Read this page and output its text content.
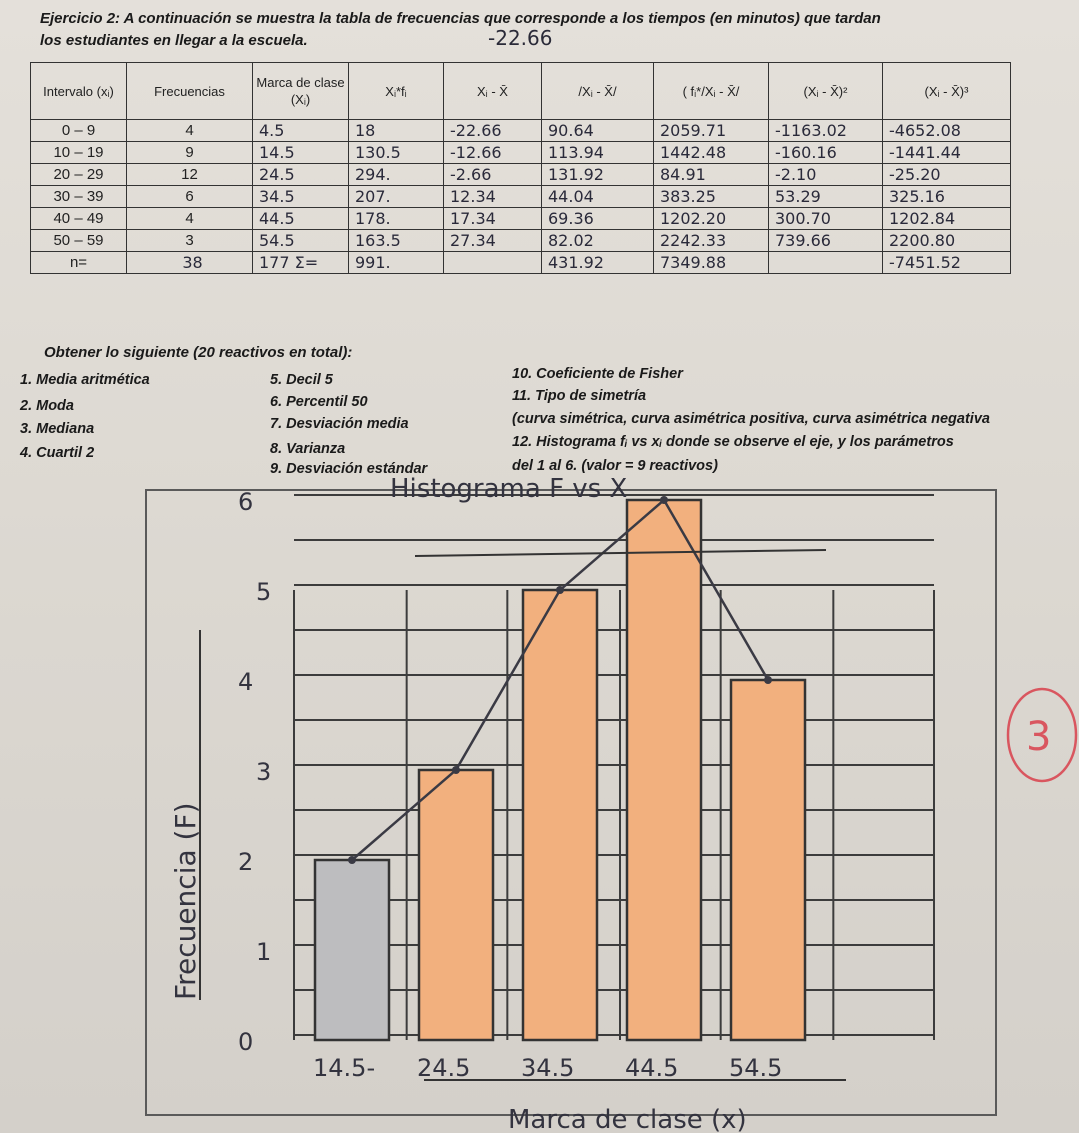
Ejercicio 2: A continuación se muestra la tabla de frecuencias que corresponde a los tiempos (en minutos) que tardan
los estudiantes en llegar a la escuela.	-22.66
Intervalo (xᵢ)	Frecuencias	Marca de clase (Xᵢ)	Xᵢ*fᵢ	Xᵢ - X̄	/Xᵢ - X̄/	( fᵢ*/Xᵢ - X̄/	(Xᵢ - X̄)²	(Xᵢ - X̄)³
0 – 9	4	4.5	18	-22.66	90.64	2059.71	-1163.02	-4652.08
10 – 19	9	14.5	130.5	-12.66	113.94	1442.48	-160.16	-1441.44
20 – 29	12	24.5	294.	-2.66	131.92	84.91	-2.10	-25.20
30 – 39	6	34.5	207.	12.34	44.04	383.25	53.29	325.16
40 – 49	4	44.5	178.	17.34	69.36	1202.20	300.70	1202.84
50 – 59	3	54.5	163.5	27.34	82.02	2242.33	739.66	2200.80
n=	38	177 Σ=	991.		431.92	7349.88		-7451.52
Obtener lo siguiente (20 reactivos en total):
1. Media aritmética
2. Moda
3. Mediana
4. Cuartil 2
5. Decil 5
6. Percentil 50
7. Desviación media
8. Varianza
9. Desviación estándar
10. Coeficiente de Fisher
11. Tipo de simetría
(curva simétrica, curva asimétrica positiva, curva asimétrica negativa
12. Histograma fᵢ vs xᵢ donde se observe el eje, y los parámetros
del 1 al 6. (valor = 9 reactivos)
0
1
2
3
4
5
6
14.5- 24.5 34.5 44.5 54.5
Histograma F vs X
Frecuencia (F)
Marca de clase (x)
3
